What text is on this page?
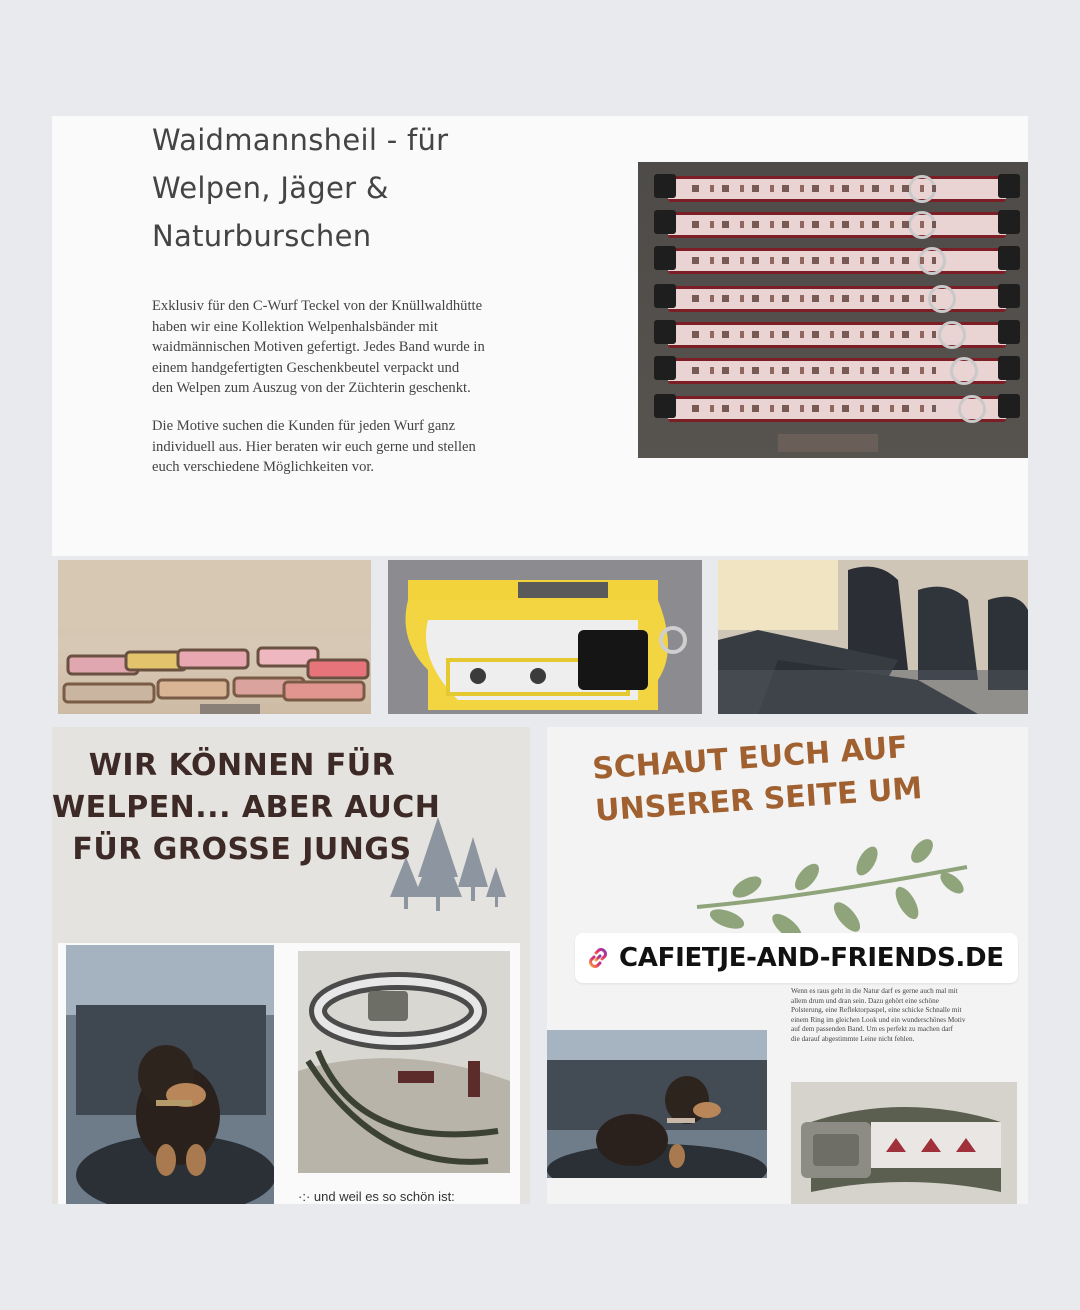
Waidmannsheil - für
Welpen, Jäger &
Naturburschen
Exklusiv für den C-Wurf Teckel von der Knüllwaldhütte
haben wir eine Kollektion Welpenhalsbänder mit
waidmännischen Motiven gefertigt. Jedes Band wurde in
einem handgefertigten Geschenkbeutel verpackt und
den Welpen zum Auszug von der Züchterin geschenkt.
Die Motive suchen die Kunden für jeden Wurf ganz
individuell aus. Hier beraten wir euch gerne und stellen
euch verschiedene Möglichkeiten vor.
WIR KÖNNEN FÜR
WELPEN... ABER AUCH
FÜR GROSSE JUNGS
·:· und weil es so schön ist:
SCHAUT EUCH AUF
UNSERER SEITE UM
CAFIETJE-AND-FRIENDS.DE
Wenn es raus geht in die Natur darf es gerne auch mal mit
allem drum und dran sein. Dazu gehört eine schöne
Polsterung, eine Reflektorpaspel, eine schicke Schnalle mit
einem Ring im gleichen Look und ein wunderschönes Motiv
auf dem passenden Band. Um es perfekt zu machen darf
die darauf abgestimmte Leine nicht fehlen.
